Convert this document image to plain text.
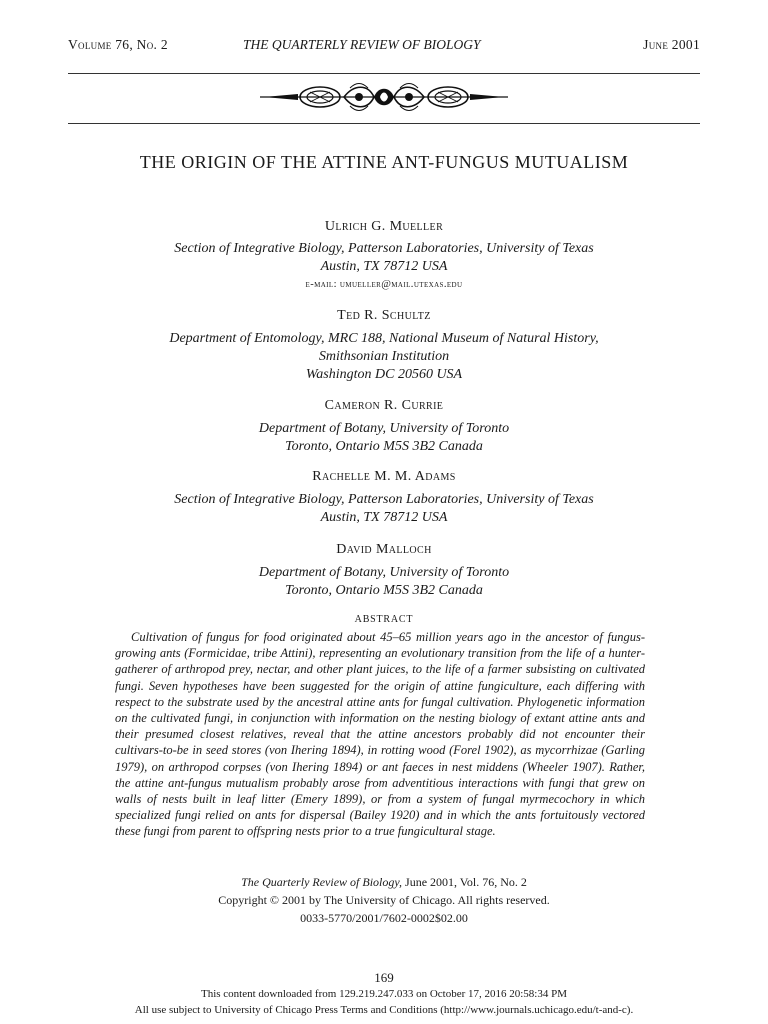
Volume 76, No. 2	THE QUARTERLY REVIEW OF BIOLOGY	June 2001
THE ORIGIN OF THE ATTINE ANT-FUNGUS MUTUALISM
Ulrich G. Mueller
Section of Integrative Biology, Patterson Laboratories, University of Texas
Austin, TX 78712 USA
e-mail: umueller@mail.utexas.edu
Ted R. Schultz
Department of Entomology, MRC 188, National Museum of Natural History,
Smithsonian Institution
Washington DC 20560 USA
Cameron R. Currie
Department of Botany, University of Toronto
Toronto, Ontario M5S 3B2 Canada
Rachelle M. M. Adams
Section of Integrative Biology, Patterson Laboratories, University of Texas
Austin, TX 78712 USA
David Malloch
Department of Botany, University of Toronto
Toronto, Ontario M5S 3B2 Canada
ABSTRACT

Cultivation of fungus for food originated about 45–65 million years ago in the ancestor of fungus-growing ants (Formicidae, tribe Attini), representing an evolutionary transition from the life of a hunter-gatherer of arthropod prey, nectar, and other plant juices, to the life of a farmer subsisting on cultivated fungi. Seven hypotheses have been suggested for the origin of attine fungiculture, each differing with respect to the substrate used by the ancestral attine ants for fungal cultivation. Phylogenetic information on the cultivated fungi, in conjunction with information on the nesting biology of extant attine ants and their presumed closest relatives, reveal that the attine ancestors probably did not encounter their cultivars-to-be in seed stores (von Ihering 1894), in rotting wood (Forel 1902), as mycorrhizae (Garling 1979), on arthropod corpses (von Ihering 1894) or ant faeces in nest middens (Wheeler 1907). Rather, the attine ant-fungus mutualism probably arose from adventitious interactions with fungi that grew on walls of nests built in leaf litter (Emery 1899), or from a system of fungal myrmecochory in which specialized fungi relied on ants for dispersal (Bailey 1920) and in which the ants fortuitously vectored these fungi from parent to offspring nests prior to a true fungicultural stage.

The Quarterly Review of Biology, June 2001, Vol. 76, No. 2
Copyright © 2001 by The University of Chicago. All rights reserved.
0033-5770/2001/7602-0002$02.00
169
This content downloaded from 129.219.247.033 on October 17, 2016 20:58:34 PM
All use subject to University of Chicago Press Terms and Conditions (http://www.journals.uchicago.edu/t-and-c).
